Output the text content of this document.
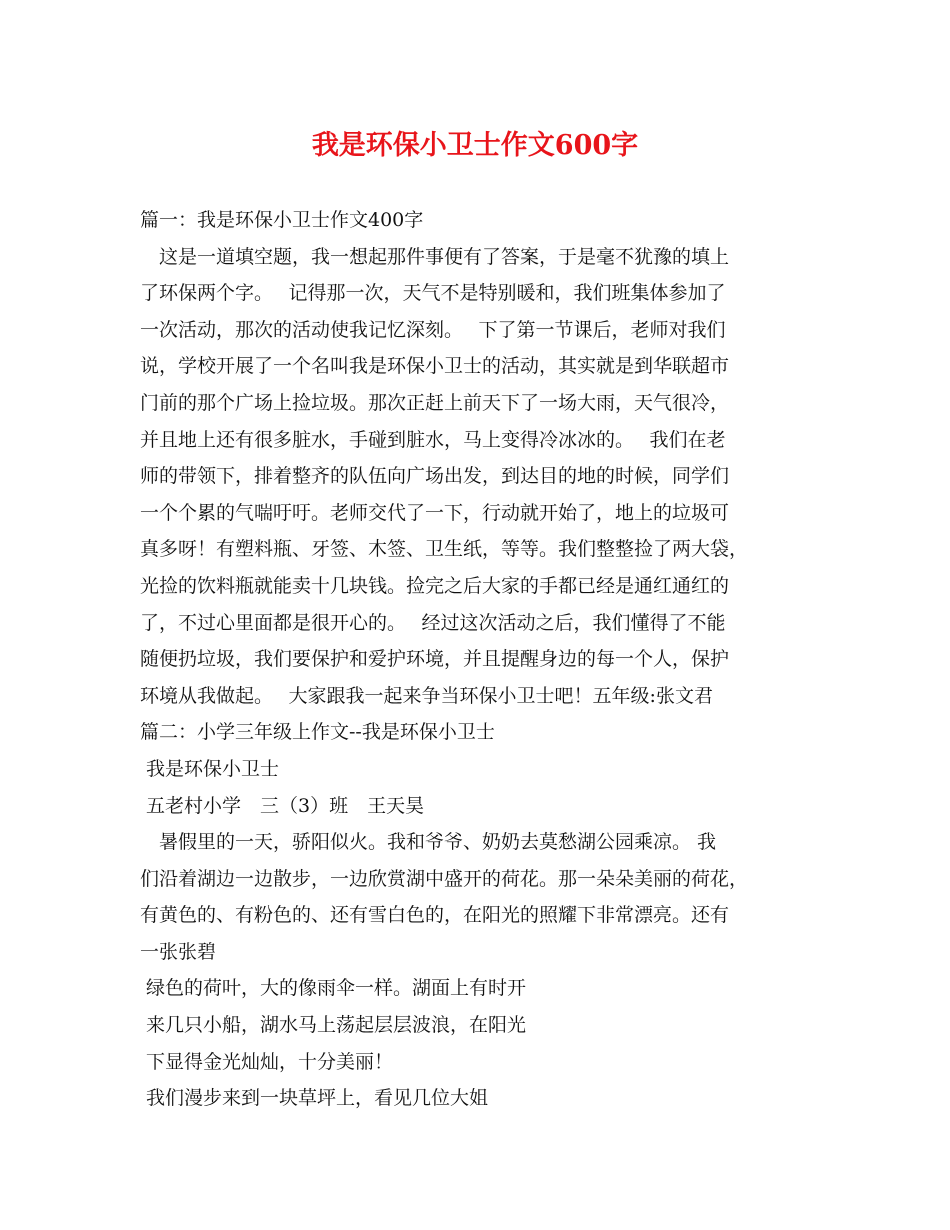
我是环保小卫士作文600字
篇一：我是环保小卫士作文400字
　这是一道填空题，我一想起那件事便有了答案，于是毫不犹豫的填上
了环保两个字。　 记得那一次，天气不是特别暖和，我们班集体参加了
一次活动，那次的活动使我记忆深刻。　 下了第一节课后，老师对我们
说，学校开展了一个名叫我是环保小卫士的活动，其实就是到华联超市
门前的那个广场上捡垃圾。那次正赶上前天下了一场大雨，天气很冷，
并且地上还有很多脏水，手碰到脏水，马上变得冷冰冰的。　 我们在老
师的带领下，排着整齐的队伍向广场出发，到达目的地的时候，同学们
一个个累的气喘吁吁。老师交代了一下，行动就开始了，地上的垃圾可
真多呀！有塑料瓶、牙签、木签、卫生纸，等等。我们整整捡了两大袋，
光捡的饮料瓶就能卖十几块钱。捡完之后大家的手都已经是通红通红的
了，不过心里面都是很开心的。　 经过这次活动之后，我们懂得了不能
随便扔垃圾，我们要保护和爱护环境，并且提醒身边的每一个人，保护
环境从我做起。　 大家跟我一起来争当环保小卫士吧！五年级:张文君
篇二：小学三年级上作文--我是环保小卫士
我是环保小卫士
五老村小学　三（3）班　王天昊
　暑假里的一天，骄阳似火。我和爷爷、奶奶去莫愁湖公园乘凉。 我
们沿着湖边一边散步，一边欣赏湖中盛开的荷花。那一朵朵美丽的荷花，
有黄色的、有粉色的、还有雪白色的，在阳光的照耀下非常漂亮。还有
一张张碧
绿色的荷叶，大的像雨伞一样。湖面上有时开
来几只小船，湖水马上荡起层层波浪，在阳光
下显得金光灿灿，十分美丽！
我们漫步来到一块草坪上，看见几位大姐
